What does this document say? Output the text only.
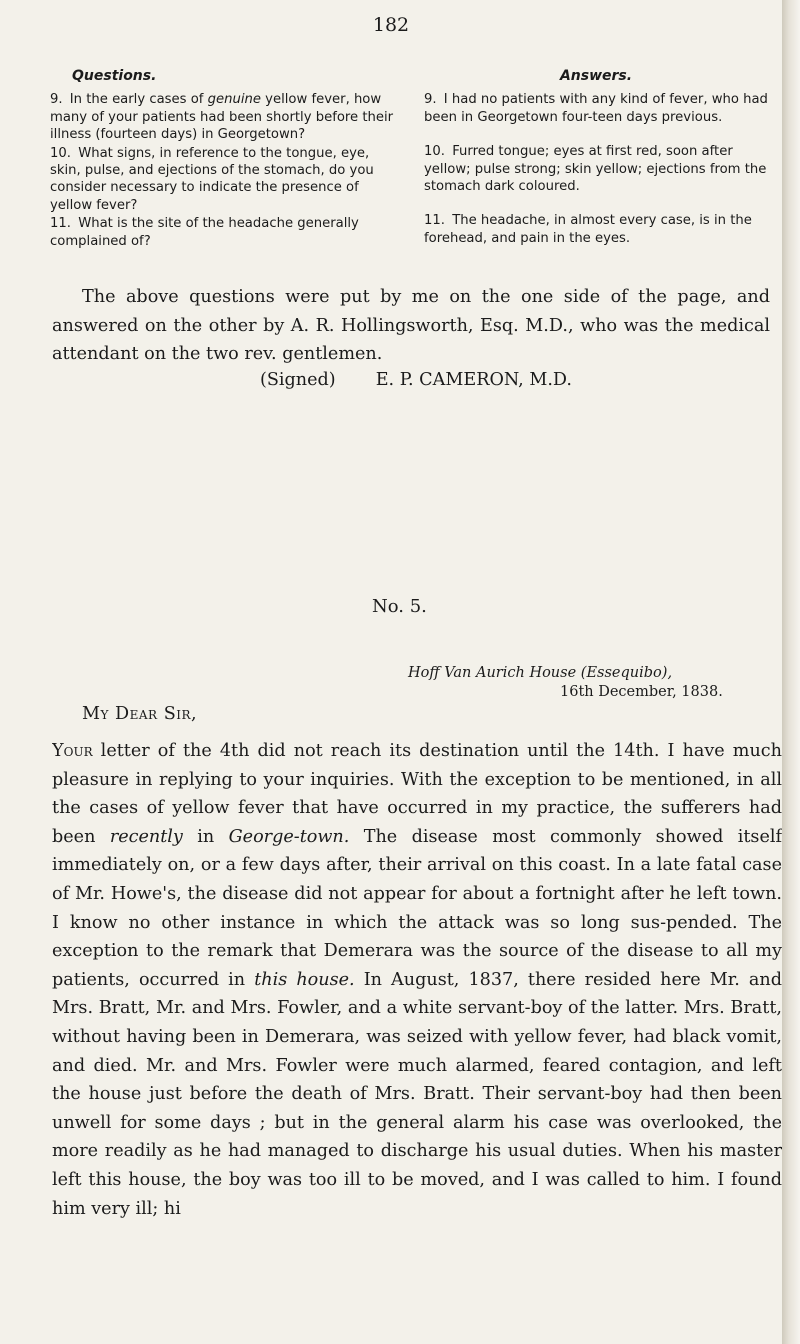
182
Questions.

9. In the early cases of genuine yellow fever, how many of your patients had been shortly before their illness (fourteen days) in Georgetown?

10. What signs, in reference to the tongue, eye, skin, pulse, and ejections of the stomach, do you consider necessary to indicate the presence of yellow fever?

11. What is the site of the headache generally complained of?

Answers.

9. I had no patients with any kind of fever, who had been in Georgetown four-teen days previous.

10. Furred tongue; eyes at first red, soon after yellow; pulse strong; skin yellow; ejections from the stomach dark coloured.

11. The headache, in almost every case, is in the forehead, and pain in the eyes.

The above questions were put by me on the one side of the page, and answered on the other by A. R. Hollingsworth, Esq. M.D., who was the medical attendant on the two rev. gentlemen.
(Signed) E. P. CAMERON, M.D.
No. 5.
Hoff Van Aurich House (Essequibo),
16th December, 1838.
My Dear Sir,
Your letter of the 4th did not reach its destination until the 14th. I have much pleasure in replying to your inquiries. With the exception to be mentioned, in all the cases of yellow fever that have occurred in my practice, the sufferers had been recently in George-town. The disease most commonly showed itself immediately on, or a few days after, their arrival on this coast. In a late fatal case of Mr. Howe's, the disease did not appear for about a fortnight after he left town. I know no other instance in which the attack was so long sus-pended. The exception to the remark that Demerara was the source of the disease to all my patients, occurred in this house. In August, 1837, there resided here Mr. and Mrs. Bratt, Mr. and Mrs. Fowler, and a white servant-boy of the latter. Mrs. Bratt, without having been in Demerara, was seized with yellow fever, had black vomit, and died. Mr. and Mrs. Fowler were much alarmed, feared contagion, and left the house just before the death of Mrs. Bratt. Their servant-boy had then been unwell for some days ; but in the general alarm his case was overlooked, the more readily as he had managed to discharge his usual duties. When his master left this house, the boy was too ill to be moved, and I was called to him. I found him very ill; hi
